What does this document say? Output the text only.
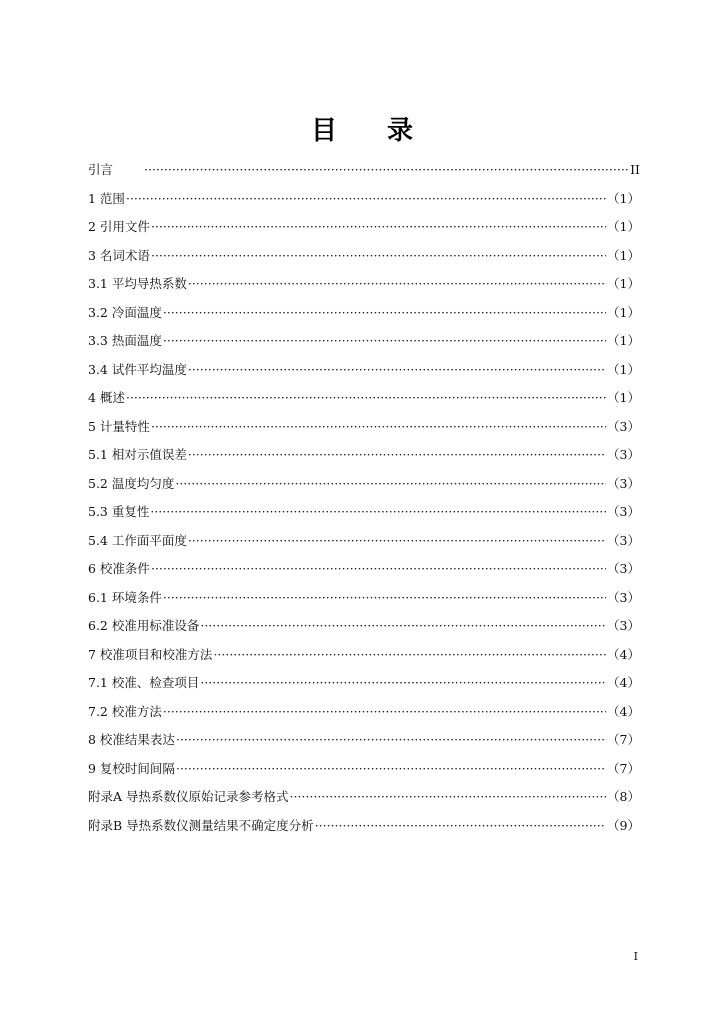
目录
引言 ·····	II
1 范围 ·····	（1）
2 引用文件 ·····	（1）
3 名词术语 ·····	（1）
3.1 平均导热系数 ·····	（1）
3.2 冷面温度 ·····	（1）
3.3 热面温度 ·····	（1）
3.4 试件平均温度 ·····	（1）
4 概述 ·····	（1）
5 计量特性 ·····	（3）
5.1 相对示值误差 ·····	（3）
5.2 温度均匀度 ·····	（3）
5.3 重复性 ·····	（3）
5.4 工作面平面度 ·····	（3）
6 校准条件 ·····	（3）
6.1 环境条件 ·····	（3）
6.2 校准用标准设备 ·····	（3）
7 校准项目和校准方法 ·····	（4）
7.1 校准、检查项目 ·····	（4）
7.2 校准方法 ·····	（4）
8 校准结果表达 ·····	（7）
9 复校时间间隔 ·····	（7）
附录A 导热系数仪原始记录参考格式 ·····	（8）
附录B 导热系数仪测量结果不确定度分析 ·····	（9）
I
